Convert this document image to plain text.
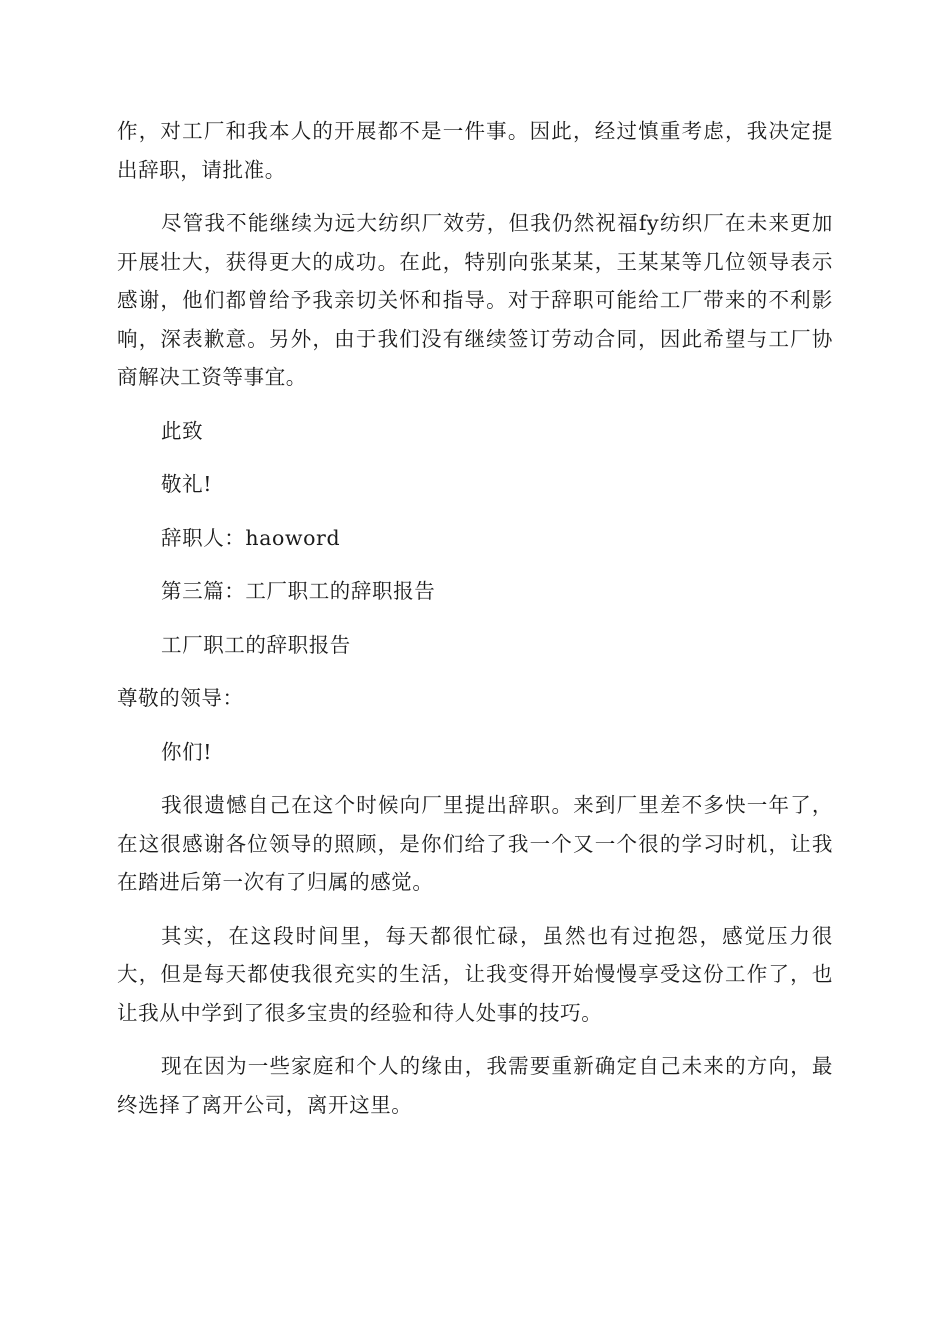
作，对工厂和我本人的开展都不是一件事。因此，经过慎重考虑，我决定提出辞职，请批准。

尽管我不能继续为远大纺织厂效劳，但我仍然祝福fy纺织厂在未来更加开展壮大，获得更大的成功。在此，特别向张某某，王某某等几位领导表示感谢，他们都曾给予我亲切关怀和指导。对于辞职可能给工厂带来的不利影响，深表歉意。另外，由于我们没有继续签订劳动合同，因此希望与工厂协商解决工资等事宜。

此致

敬礼!

辞职人：haoword

第三篇：工厂职工的辞职报告

工厂职工的辞职报告

尊敬的领导：

你们!

我很遗憾自己在这个时候向厂里提出辞职。来到厂里差不多快一年了，在这很感谢各位领导的照顾，是你们给了我一个又一个很的学习时机，让我在踏进后第一次有了归属的感觉。

其实，在这段时间里，每天都很忙碌，虽然也有过抱怨，感觉压力很大，但是每天都使我很充实的生活，让我变得开始慢慢享受这份工作了，也让我从中学到了很多宝贵的经验和待人处事的技巧。

现在因为一些家庭和个人的缘由，我需要重新确定自己未来的方向，最终选择了离开公司，离开这里。
